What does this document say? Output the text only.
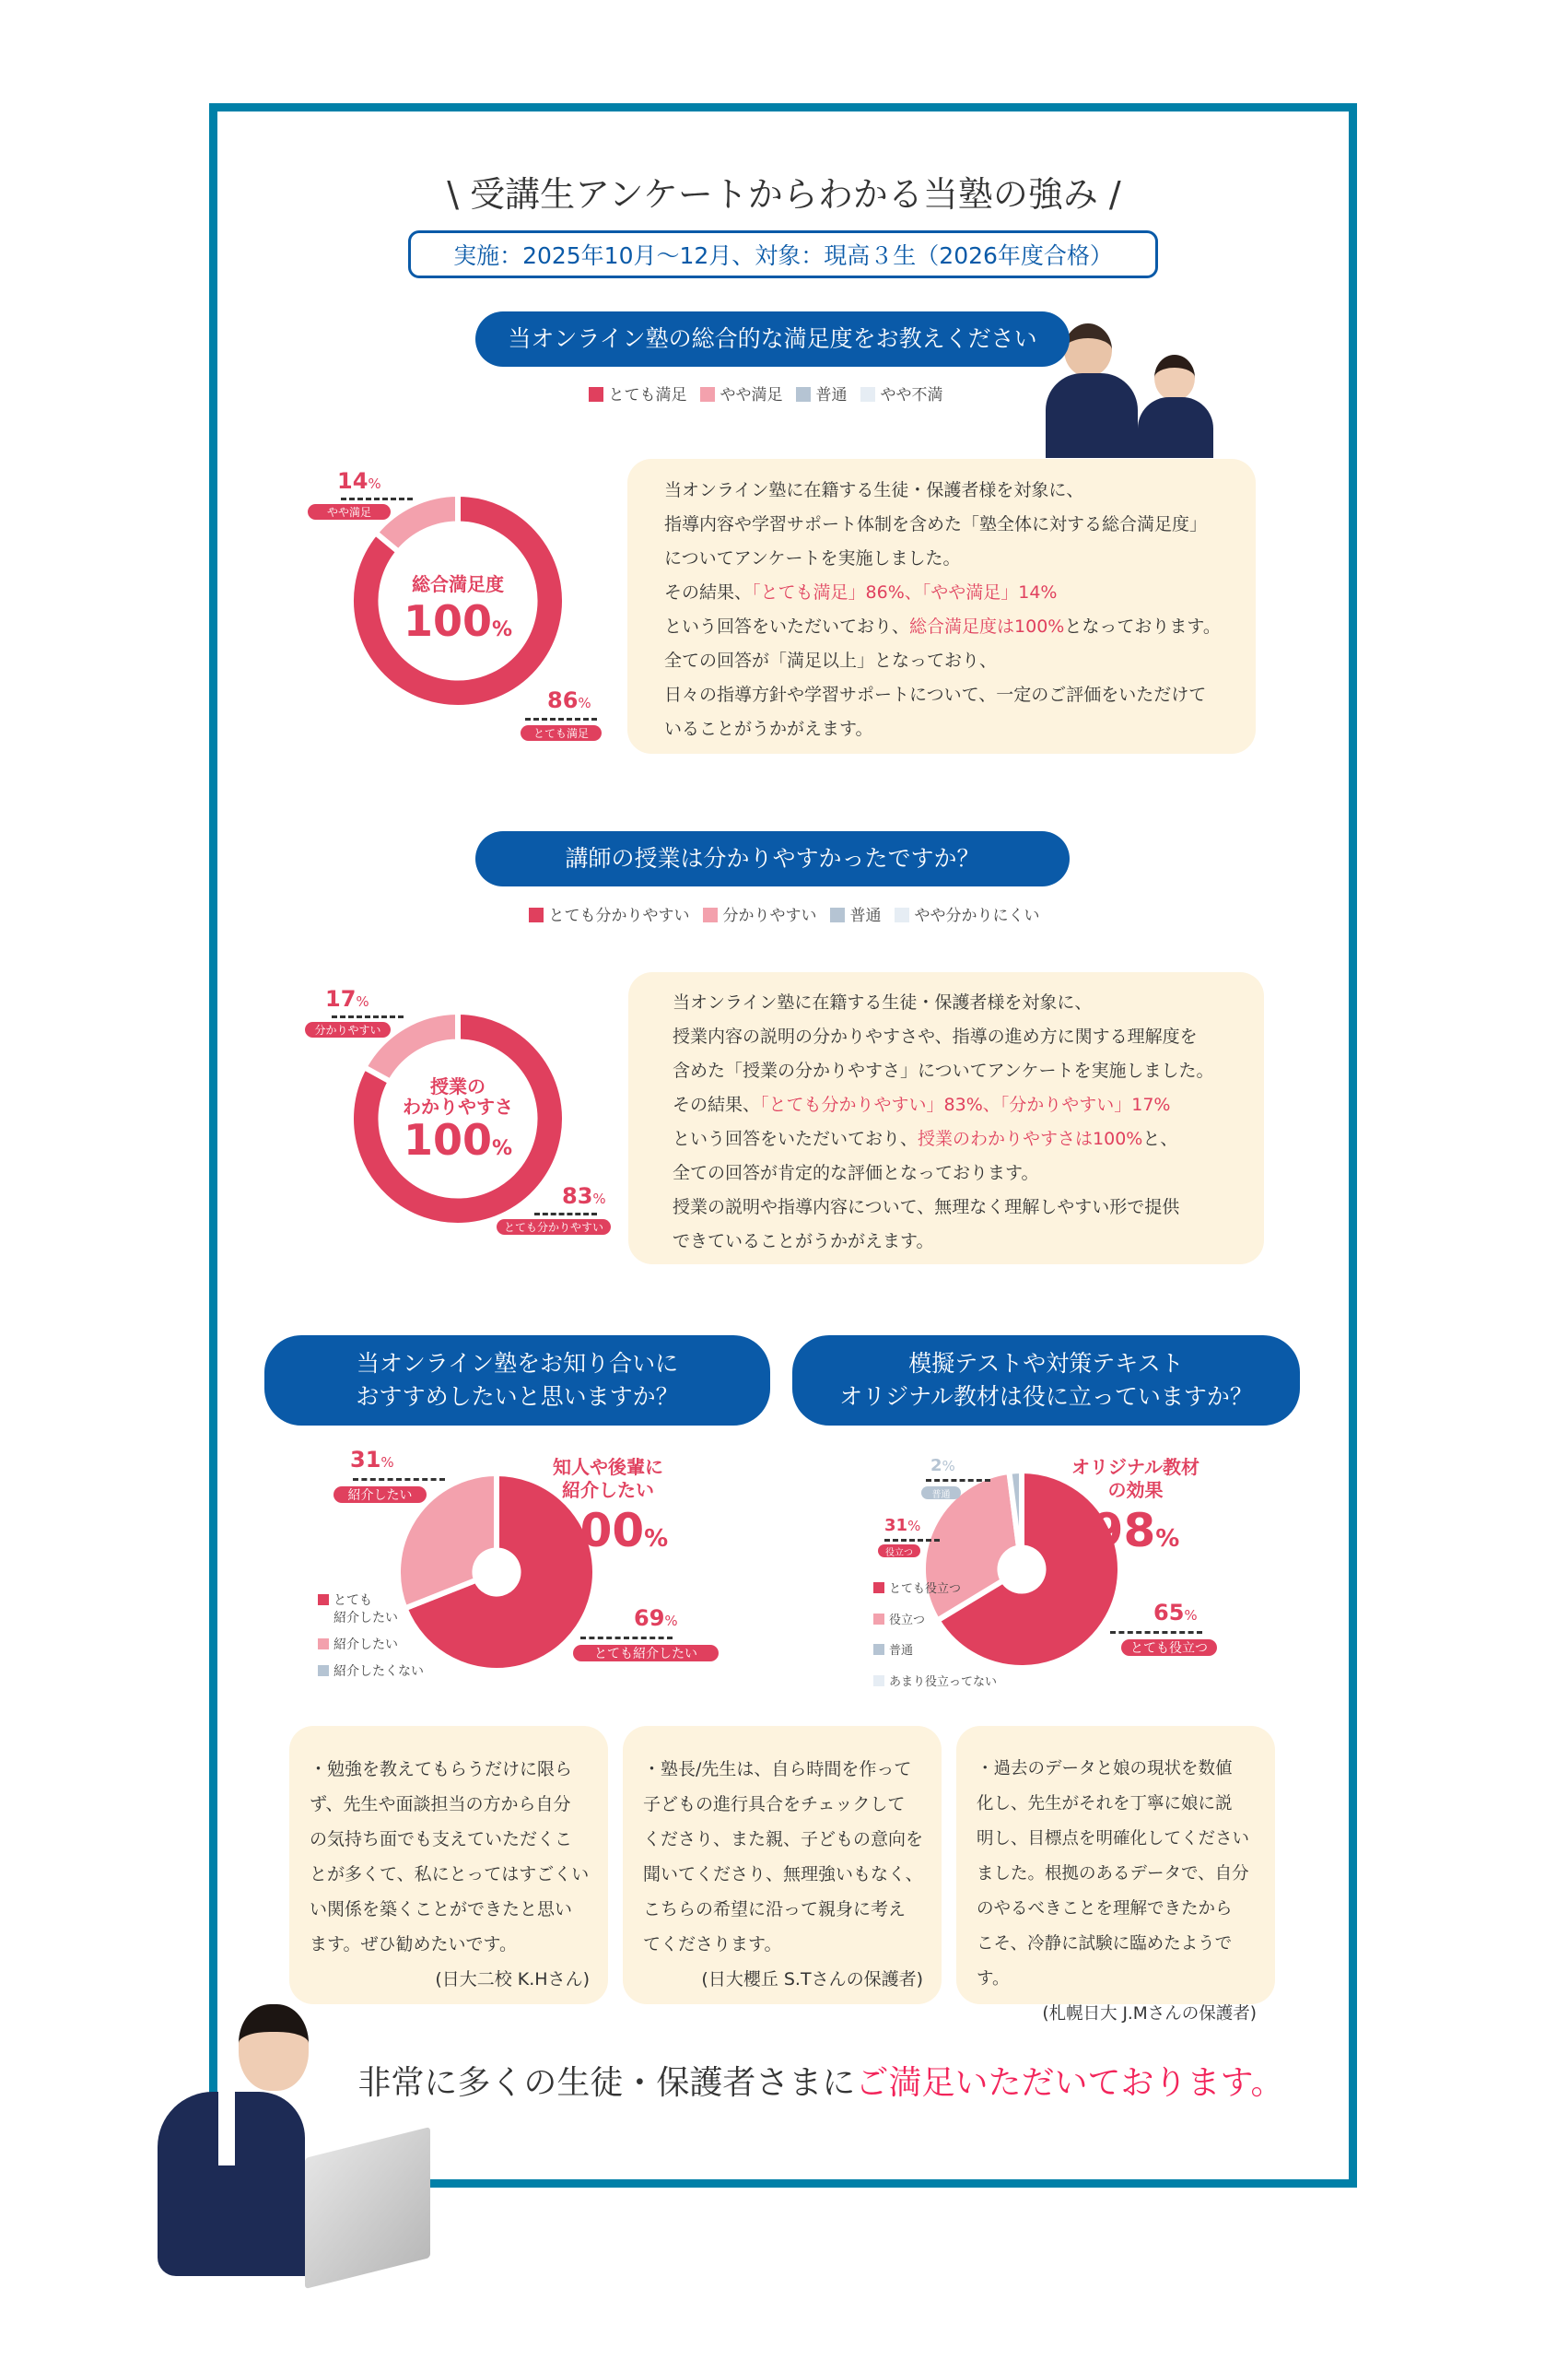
\ 受講生アンケートからわかる当塾の強み /
実施：2025年10月～12月、対象：現高３生（2026年度合格）
当オンライン塾の総合的な満足度をお教えください
とても満足	やや満足	普通	やや不満
総合満足度
100%
14%
やや満足
86%
とても満足
当オンライン塾に在籍する生徒・保護者様を対象に、
指導内容や学習サポート体制を含めた「塾全体に対する総合満足度」
についてアンケートを実施しました。
その結果、「とても満足」86%、「やや満足」14%
という回答をいただいており、総合満足度は100%となっております。
全ての回答が「満足以上」となっており、
日々の指導方針や学習サポートについて、一定のご評価をいただけて
いることがうかがえます。
講師の授業は分かりやすかったですか？
とても分かりやすい	分かりやすい	普通	やや分かりにくい
授業の
わかりやすさ
100%
17%
分かりやすい
83%
とても分かりやすい
当オンライン塾に在籍する生徒・保護者様を対象に、
授業内容の説明の分かりやすさや、指導の進め方に関する理解度を
含めた「授業の分かりやすさ」についてアンケートを実施しました。
その結果、「とても分かりやすい」83%、「分かりやすい」17%
という回答をいただいており、授業のわかりやすさは100%と、
全ての回答が肯定的な評価となっております。
授業の説明や指導内容について、無理なく理解しやすい形で提供
できていることがうかがえます。
当オンライン塾をお知り合いに
おすすめしたいと思いますか？
知人や後輩に
紹介したい
100%
31%
紹介したい
69%
とても紹介したい
とても
紹介したい
紹介したい
紹介したくない
模擬テストや対策テキスト
オリジナル教材は役に立っていますか？
オリジナル教材
の効果
98%
2%
普通
31%
役立つ
65%
とても役立つ
とても役立つ
役立つ
普通
あまり役立ってない
・勉強を教えてもらうだけに限ら
ず、先生や面談担当の方から自分
の気持ち面でも支えていただくこ
とが多くて、私にとってはすごくい
い関係を築くことができたと思い
ます。ぜひ勧めたいです。
(日大二校 K.Hさん)
・塾長/先生は、自ら時間を作って
子どもの進行具合をチェックして
くださり、また親、子どもの意向を
聞いてくださり、無理強いもなく、
こちらの希望に沿って親身に考え
てくださります。
(日大櫻丘 S.Tさんの保護者)
・過去のデータと娘の現状を数値
化し、先生がそれを丁寧に娘に説
明し、目標点を明確化してください
ました。根拠のあるデータで、自分
のやるべきことを理解できたから
こそ、冷静に試験に臨めたようです。
(札幌日大 J.Mさんの保護者)
非常に多くの生徒・保護者さまにご満足いただいております。
